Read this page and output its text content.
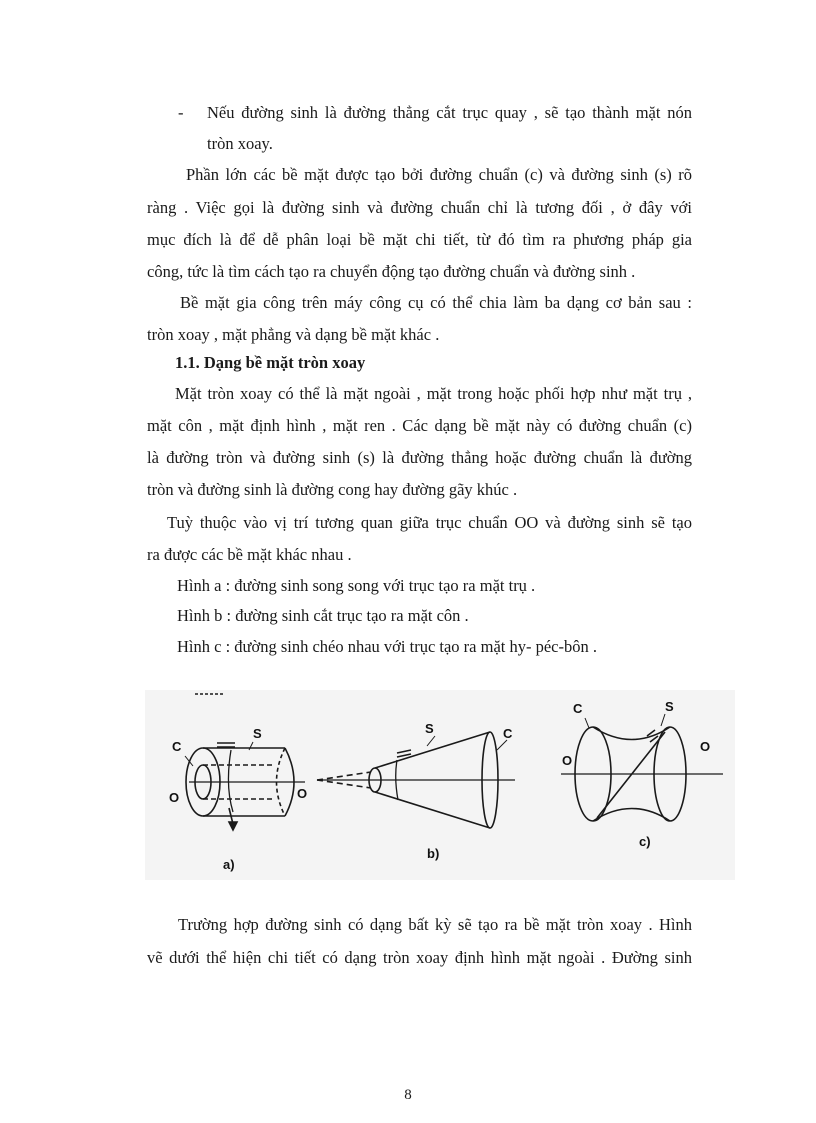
- Nếu đường sinh là đường thẳng cắt trục quay , sẽ tạo thành mặt nón
tròn xoay.
Phần lớn các bề mặt được tạo bởi đường chuẩn (c) và đường sinh (s) rõ
ràng . Việc gọi là đường sinh và đường chuẩn chỉ là tương đối , ở đây với
mục đích là để dễ phân loại bề mặt chi tiết, từ đó tìm ra phương pháp gia
công, tức là tìm cách tạo ra chuyển động tạo đường chuẩn và đường sinh .
Bề mặt gia công trên máy công cụ có thể chia làm ba dạng cơ bản sau :
tròn xoay , mặt phẳng và dạng bề mặt khác .
1.1. Dạng bề mặt tròn xoay
Mặt tròn xoay có thể là mặt ngoài , mặt trong hoặc phối hợp như mặt trụ ,
mặt côn , mặt định hình , mặt ren . Các dạng bề mặt này có đường chuẩn (c)
là đường tròn và đường sinh (s) là đường thẳng hoặc đường chuẩn là đường
tròn và đường sinh là đường cong hay đường gãy khúc .
Tuỳ thuộc vào vị trí tương quan giữa trục chuẩn OO và đường sinh sẽ tạo
ra được các bề mặt khác nhau .
Hình a : đường sinh song song với trục tạo ra mặt trụ .
Hình b : đường sinh cắt trục tạo ra mặt côn .
Hình c : đường sinh chéo nhau với trục tạo ra mặt hy- péc-bôn .
C
S
O	O
a)
S	C
b)
C	S
O
O
c)
Trường hợp đường sinh có dạng bất kỳ sẽ tạo ra bề mặt tròn xoay . Hình
vẽ dưới thể hiện chi tiết có dạng tròn xoay định hình mặt ngoài . Đường sinh
8
